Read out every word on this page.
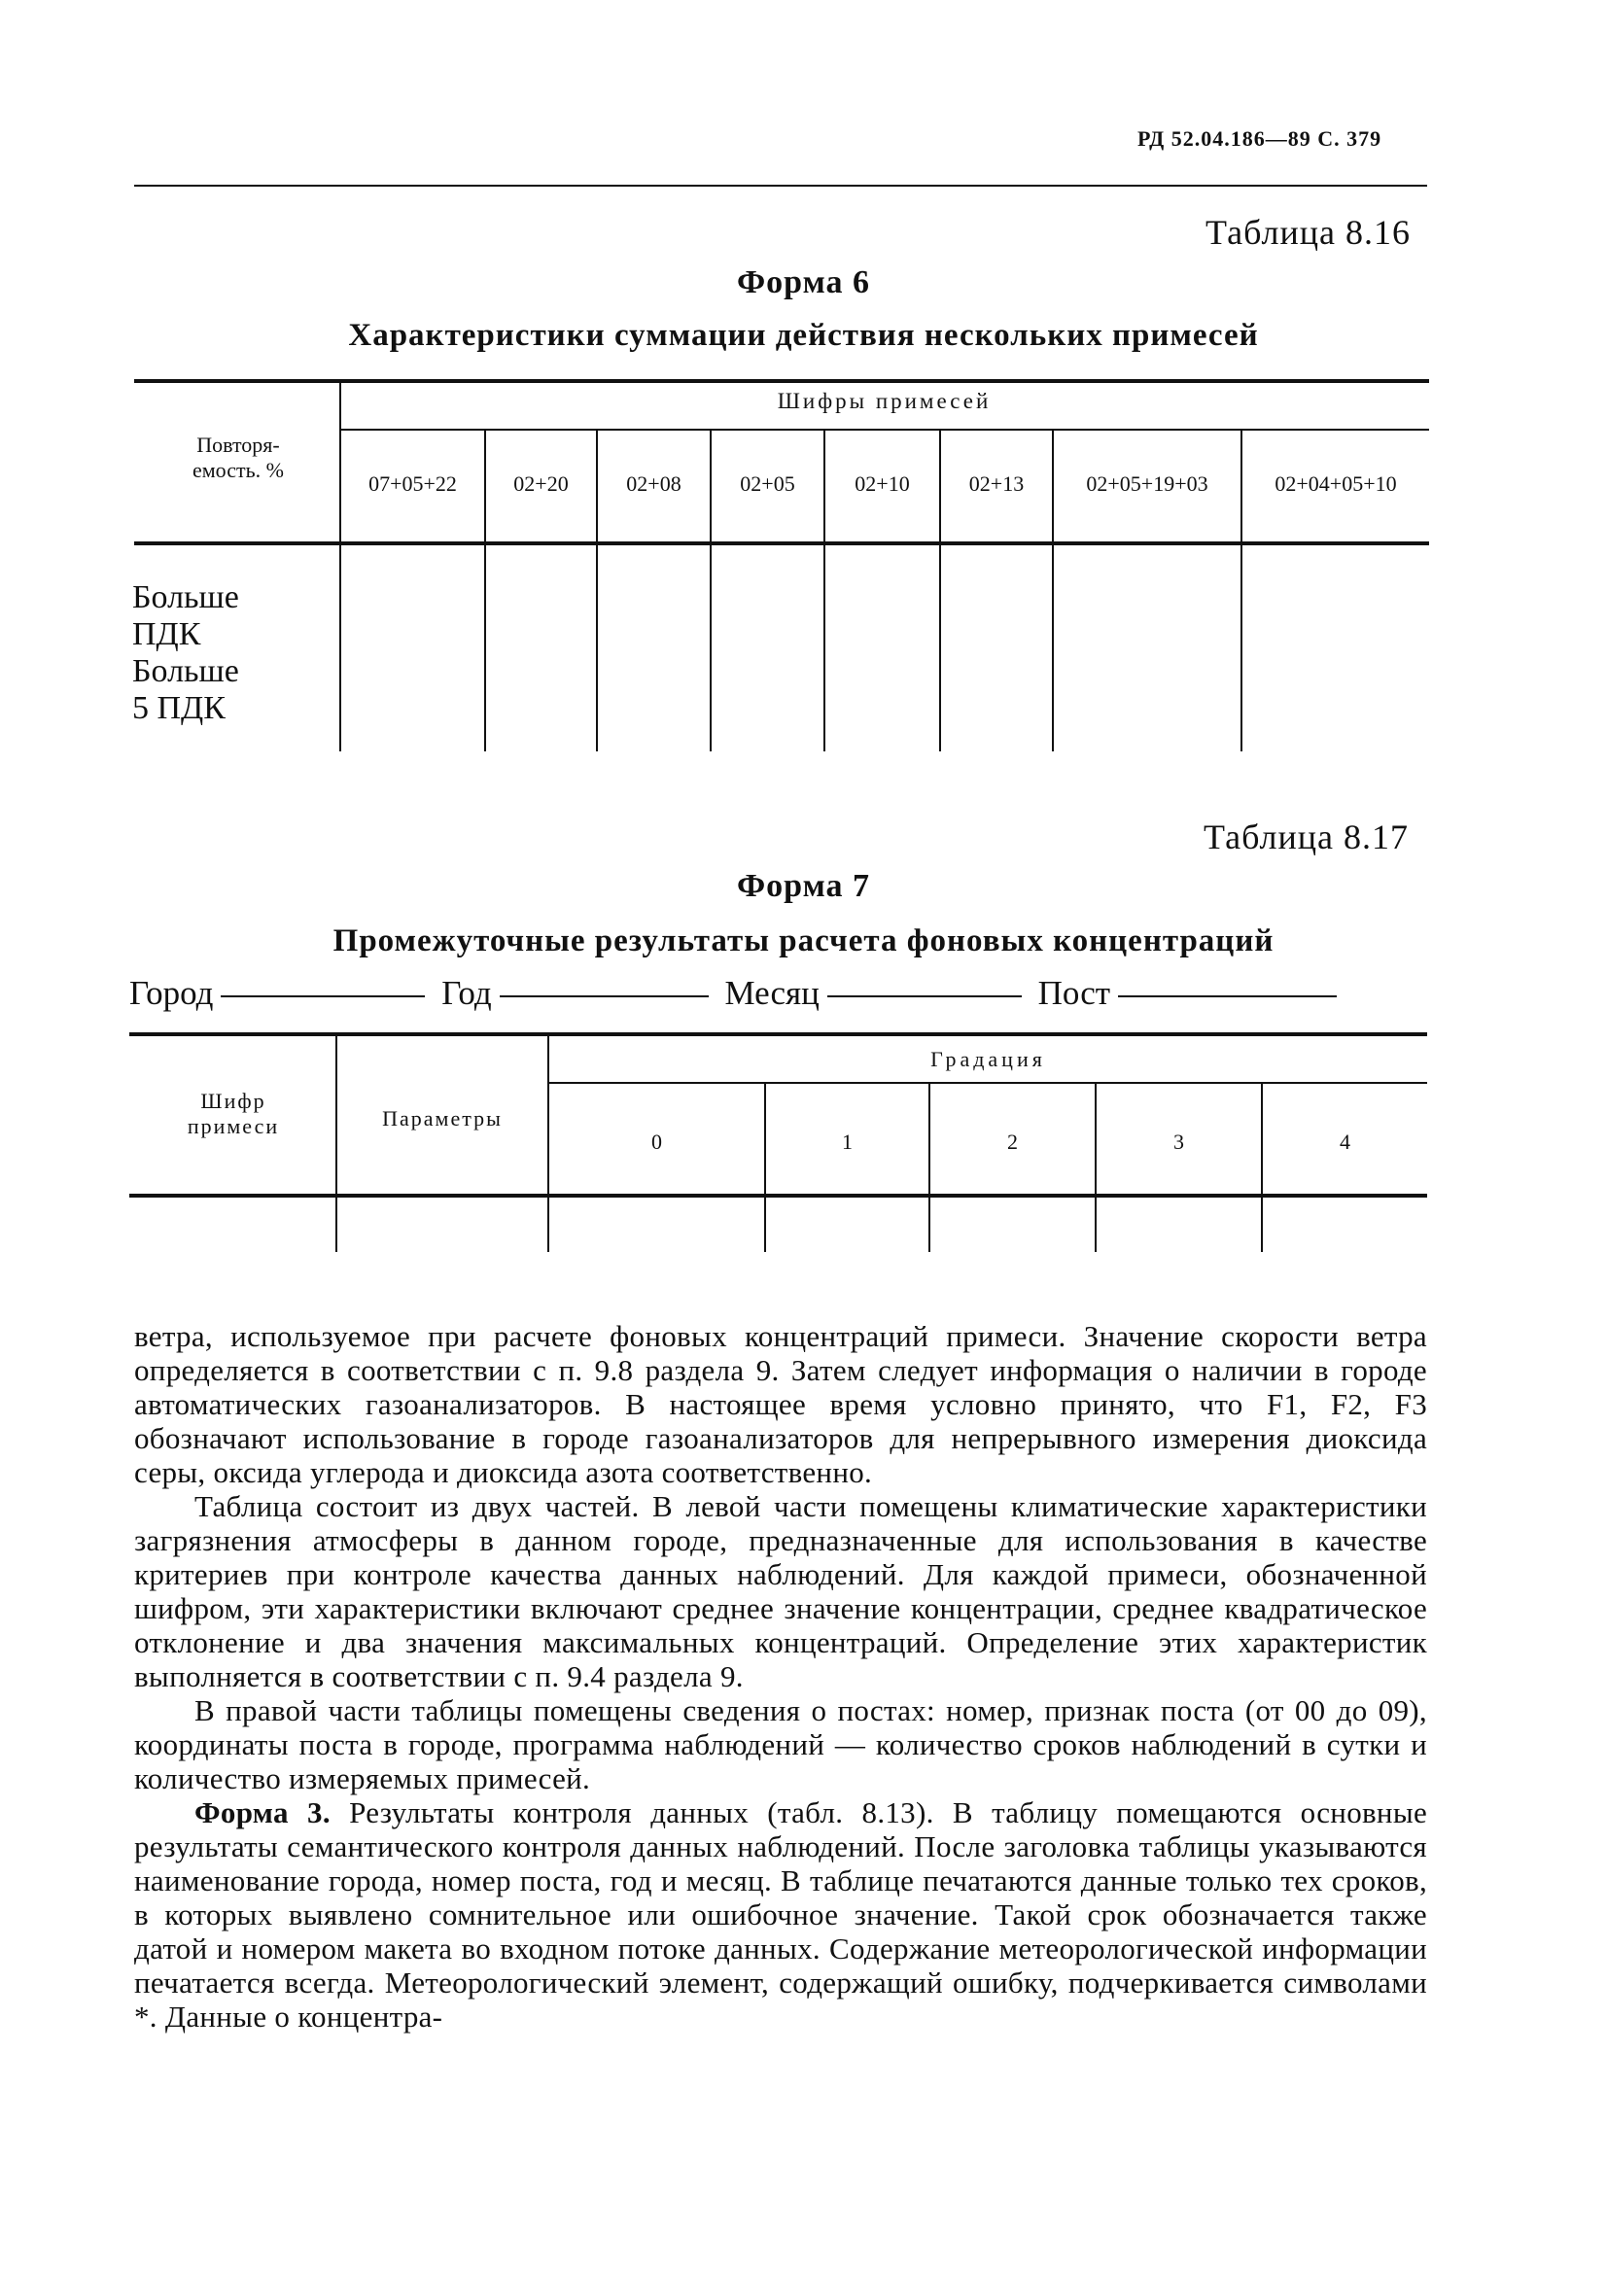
РД 52.04.186—89 С. 379
Таблица 8.16
Форма 6
Характеристики суммации действия нескольких примесей
Повторя-
емость. %
Шифры примесей
07+05+22	02+20	02+08	02+05	02+10	02+13	02+05+19+03	02+04+05+10
Больше
ПДК
Больше
5 ПДК
Таблица 8.17
Форма 7
Промежуточные результаты расчета фоновых концентраций
Город	Год	Месяц	Пост
Шифр
примеси	Параметры
Градация
0	1	2	3	4

ветра, используемое при расчете фоновых концентраций примеси. Значение скорости ветра определяется в соответствии с п. 9.8 раздела 9. Затем следует информация о наличии в городе автоматических газоанализаторов. В настоящее время условно принято, что F1, F2, F3 обозначают использование в городе газоанализаторов для непрерывного измерения диоксида серы, оксида углерода и диоксида азота соответственно.

Таблица состоит из двух частей. В левой части помещены климатические характеристики загрязнения атмосферы в данном городе, предназначенные для использования в качестве критериев при контроле качества данных наблюдений. Для каждой примеси, обозначенной шифром, эти характеристики включают среднее значение концентрации, среднее квадратическое отклонение и два значения максимальных концентраций. Определение этих характеристик выполняется в соответствии с п. 9.4 раздела 9.

В правой части таблицы помещены сведения о постах: номер, признак поста (от 00 до 09), координаты поста в городе, программа наблюдений — количество сроков наблюдений в сутки и количество измеряемых примесей.

Форма 3. Результаты контроля данных (табл. 8.13). В таблицу помещаются основные результаты семантического контроля данных наблюдений. После заголовка таблицы указываются наименование города, номер поста, год и месяц. В таблице печатаются данные только тех сроков, в которых выявлено сомнительное или ошибочное значение. Такой срок обозначается также датой и номером макета во входном потоке данных. Содержание метеорологической информации печатается всегда. Метеорологический элемент, содержащий ошибку, подчеркивается символами *. Данные о концентра-
